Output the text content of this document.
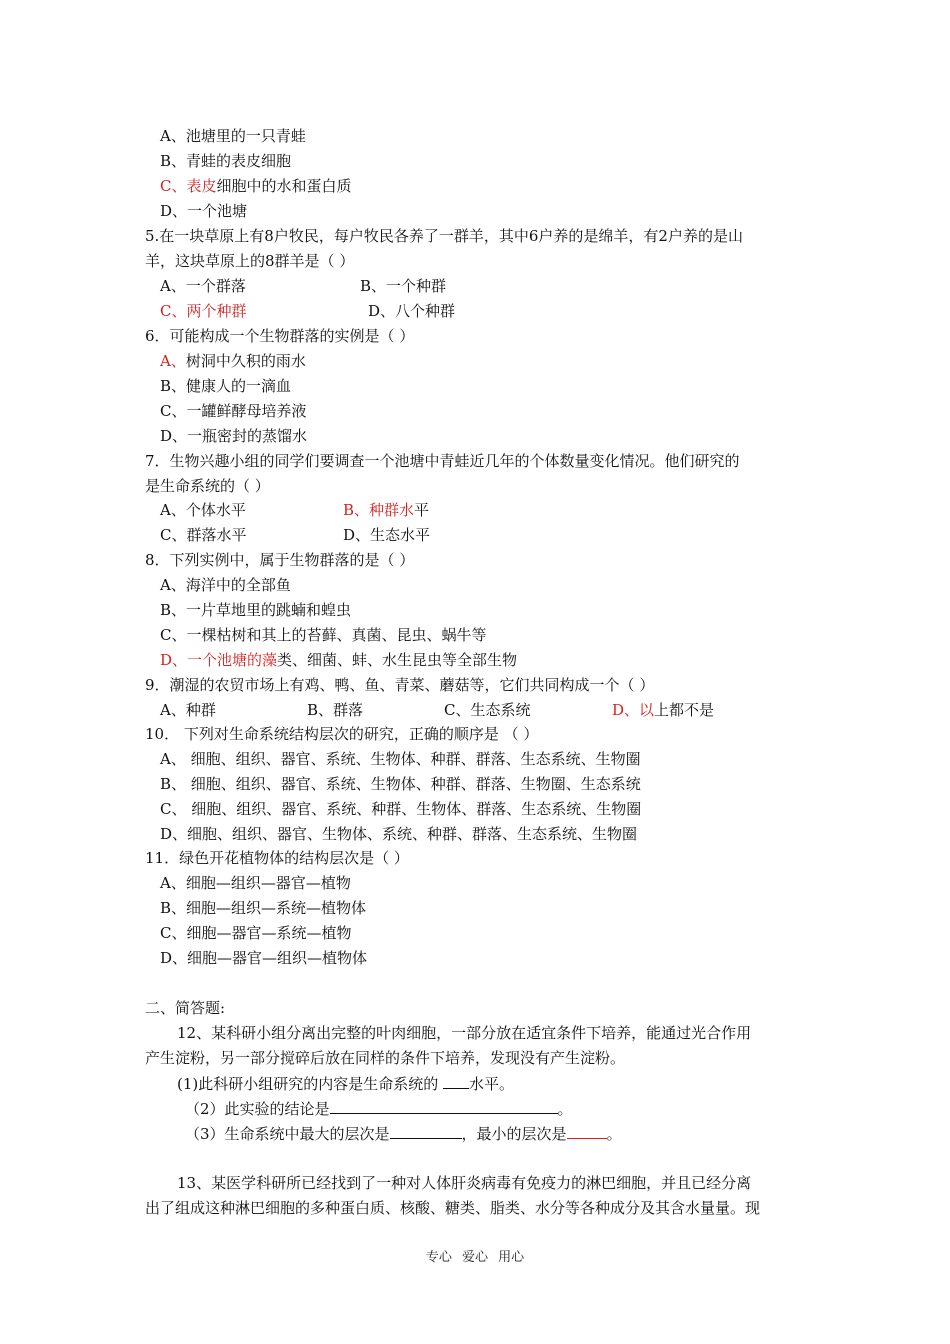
A、池塘里的一只青蛙
B、青蛙的表皮细胞
C、表皮细胞中的水和蛋白质
D、一个池塘
5.在一块草原上有8户牧民，每户牧民各养了一群羊，其中6户养的是绵羊，有2户养的是山
羊，这块草原上的8群羊是（ ）
A、一个群落	B、一个种群
C、两个种群	D、八个种群
6．可能构成一个生物群落的实例是（ ）
A、树洞中久积的雨水
B、健康人的一滴血
C、一罐鲜酵母培养液
D、一瓶密封的蒸馏水
7．生物兴趣小组的同学们要调查一个池塘中青蛙近几年的个体数量变化情况。他们研究的
是生命系统的（ ）
A、个体水平	B、种群水平
C、群落水平	D、生态水平
8．下列实例中，属于生物群落的是（ ）
A、海洋中的全部鱼
B、一片草地里的跳蝻和蝗虫
C、一棵枯树和其上的苔藓、真菌、昆虫、蜗牛等
D、一个池塘的藻类、细菌、蚌、水生昆虫等全部生物
9．潮湿的农贸市场上有鸡、鸭、鱼、青菜、蘑菇等，它们共同构成一个（ ）
A、种群	B、群落	C、生态系统	D、以上都不是
10． 下列对生命系统结构层次的研究，正确的顺序是 （ ）
A、 细胞、组织、器官、系统、生物体、种群、群落、生态系统、生物圈
B、 细胞、组织、器官、系统、生物体、种群、群落、生物圈、生态系统
C、 细胞、组织、器官、系统、种群、生物体、群落、生态系统、生物圈
D、细胞、组织、器官、生物体、系统、种群、群落、生态系统、生物圈
11．绿色开花植物体的结构层次是（ ）
A、细胞—组织—器官—植物
B、细胞—组织—系统—植物体
C、细胞—器官—系统—植物
D、细胞—器官—组织—植物体
二、简答题:
12、某科研小组分离出完整的叶肉细胞，一部分放在适宜条件下培养，能通过光合作用
产生淀粉，另一部分搅碎后放在同样的条件下培养，发现没有产生淀粉。
(1)此科研小组研究的内容是生命系统的 水平。
（2）此实验的结论是	。
（3）生命系统中最大的层次是	，最小的层次是	。
13、某医学科研所已经找到了一种对人体肝炎病毒有免疫力的淋巴细胞，并且已经分离
出了组成这种淋巴细胞的多种蛋白质、核酸、糖类、脂类、水分等各种成分及其含水量量。现
专心 爱心 用心
